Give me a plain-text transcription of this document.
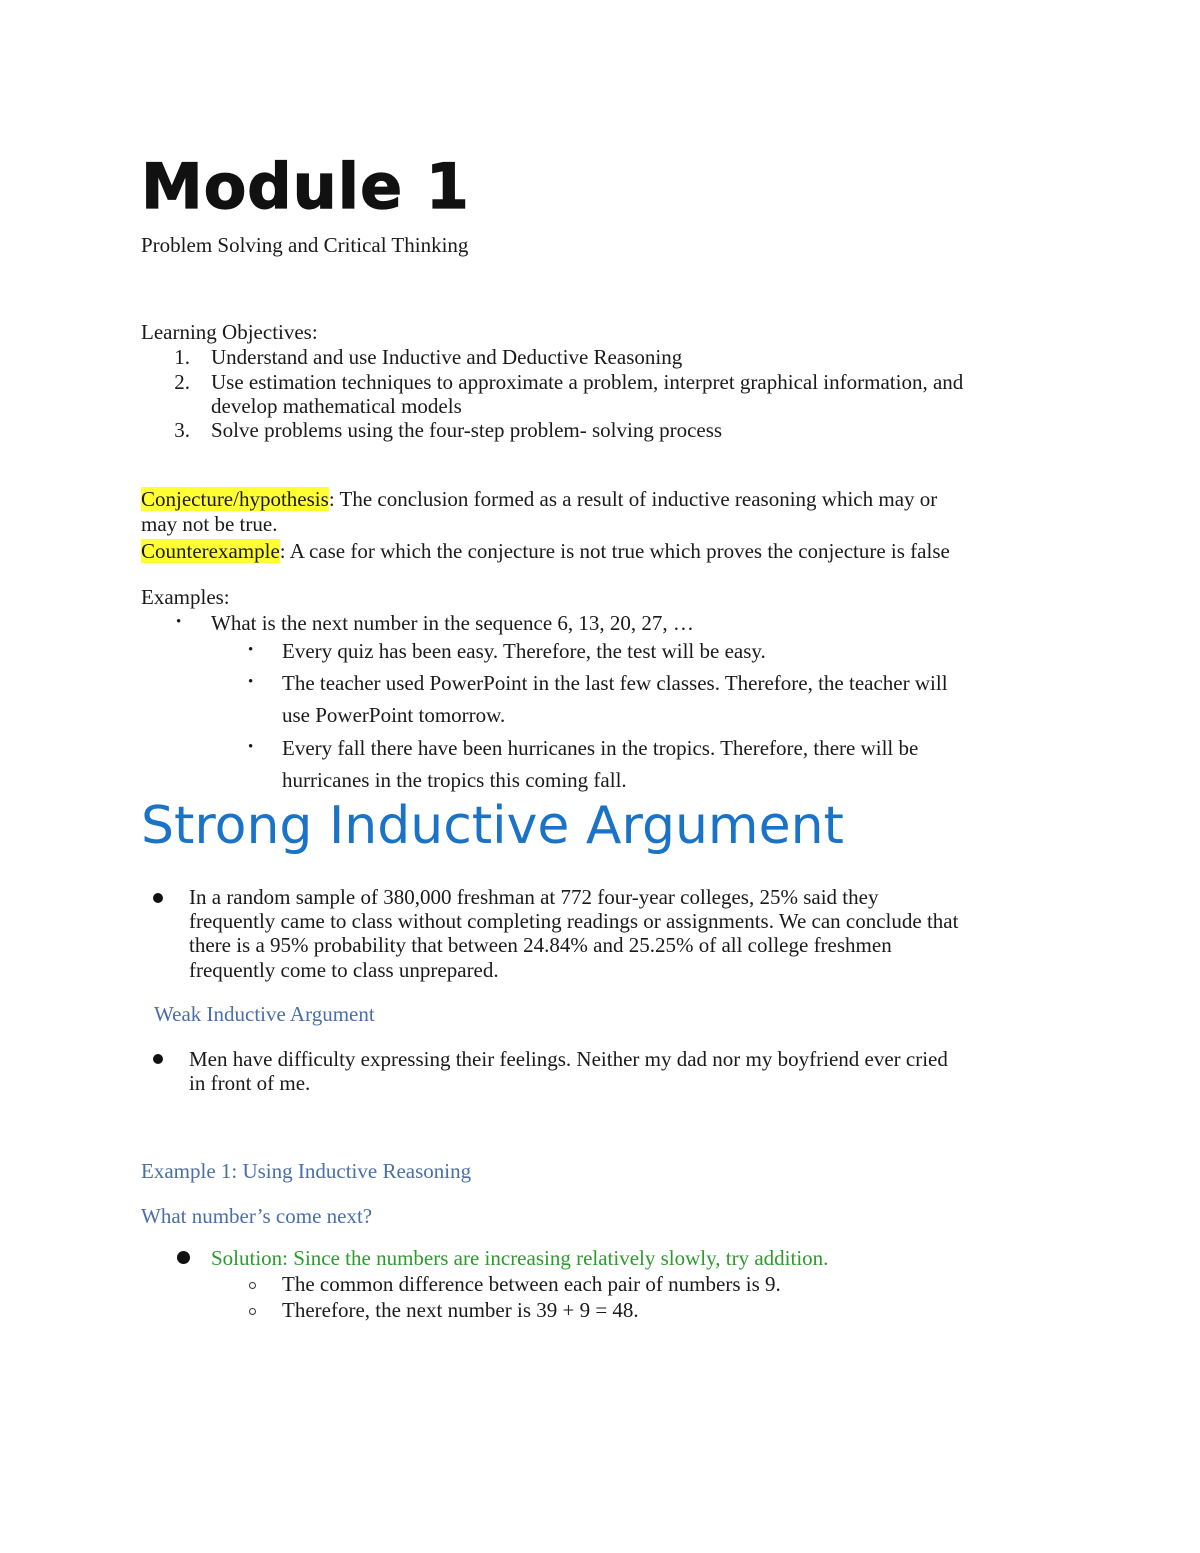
Module 1
Problem Solving and Critical Thinking
Learning Objectives:
1. Understand and use Inductive and Deductive Reasoning
2. Use estimation techniques to approximate a problem, interpret graphical information, and
develop mathematical models
3. Solve problems using the four-step problem- solving process
Conjecture/hypothesis: The conclusion formed as a result of inductive reasoning which may or
may not be true.
Counterexample: A case for which the conjecture is not true which proves the conjecture is false
Examples:
• What is the next number in the sequence 6, 13, 20, 27, …
• Every quiz has been easy. Therefore, the test will be easy.
• The teacher used PowerPoint in the last few classes. Therefore, the teacher will
use PowerPoint tomorrow.
• Every fall there have been hurricanes in the tropics. Therefore, there will be
hurricanes in the tropics this coming fall.
Strong Inductive Argument
In a random sample of 380,000 freshman at 772 four-year colleges, 25% said they
frequently came to class without completing readings or assignments. We can conclude that
there is a 95% probability that between 24.84% and 25.25% of all college freshmen
frequently come to class unprepared.
Weak Inductive Argument
Men have difficulty expressing their feelings. Neither my dad nor my boyfriend ever cried
in front of me.
Example 1: Using Inductive Reasoning
What number’s come next?
Solution: Since the numbers are increasing relatively slowly, try addition.
The common difference between each pair of numbers is 9.
Therefore, the next number is 39 + 9 = 48.
